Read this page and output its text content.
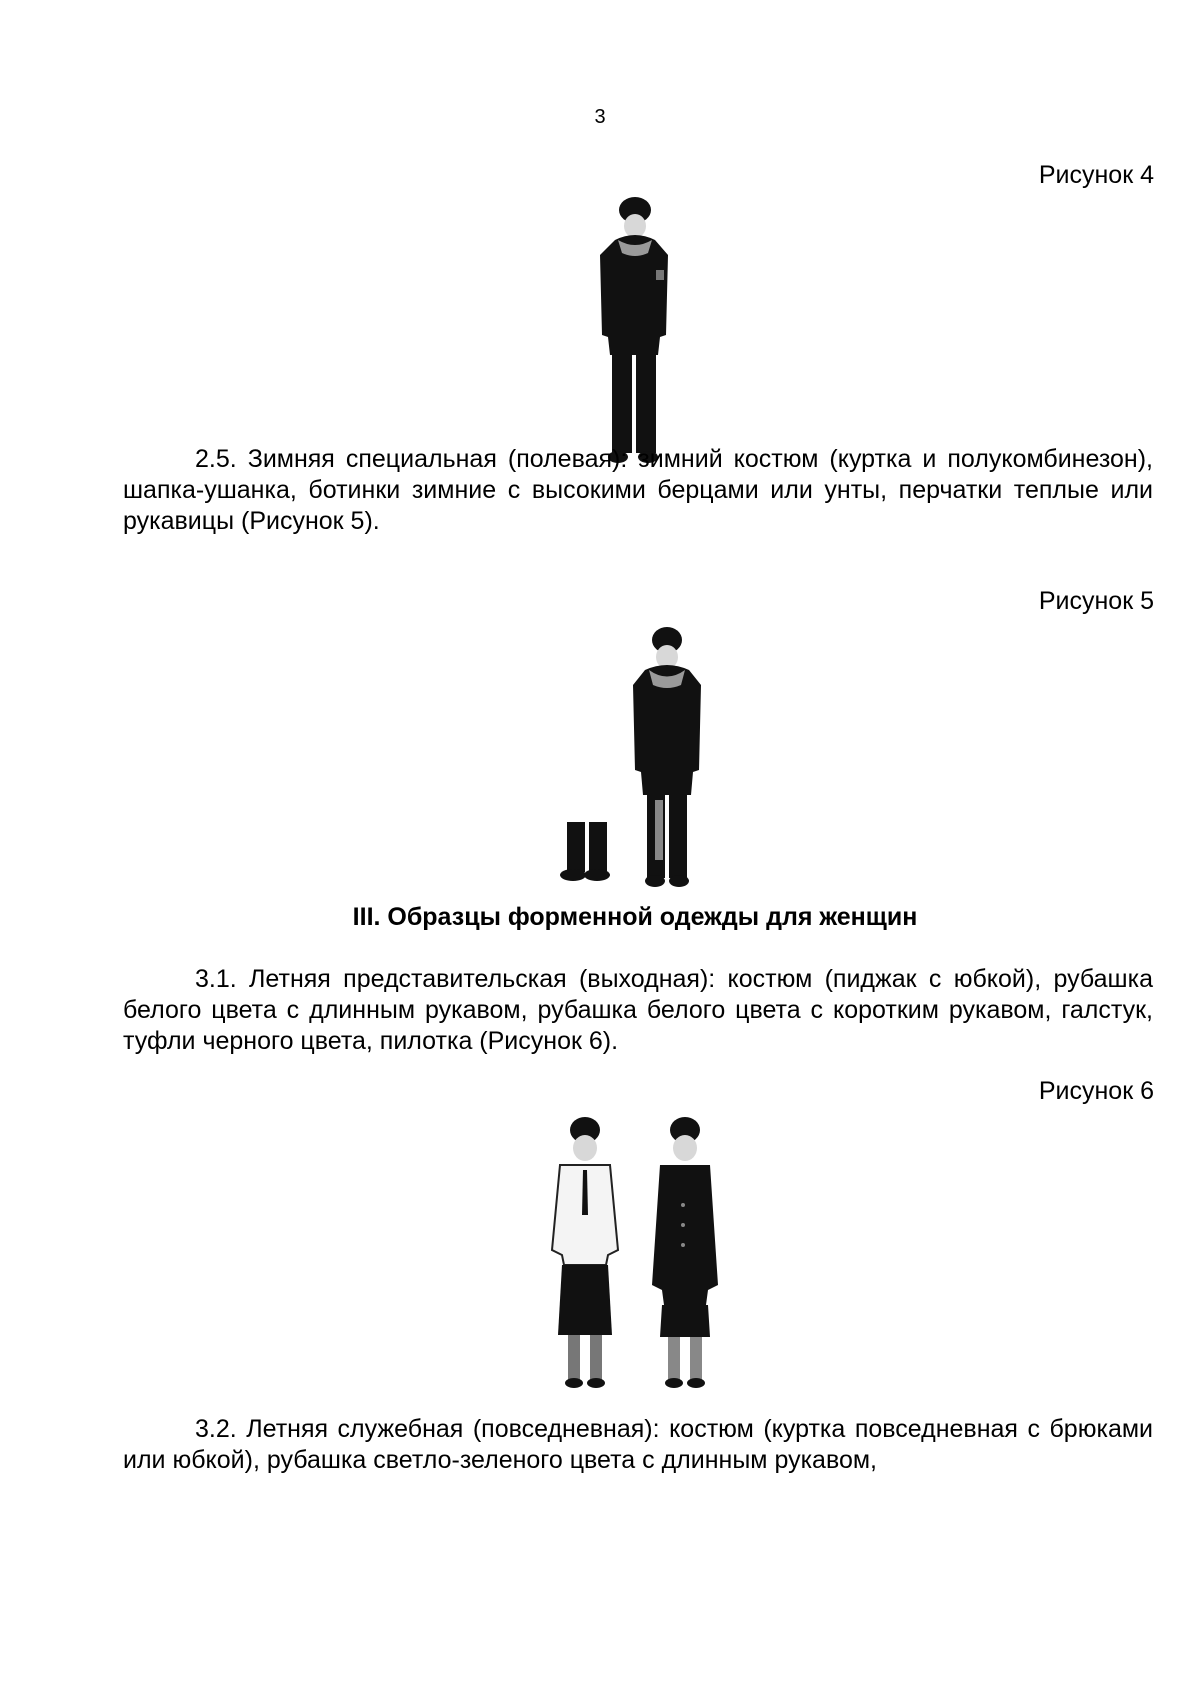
3
Рисунок 4
2.5. Зимняя специальная (полевая): зимний костюм (куртка и полукомбинезон), шапка-ушанка, ботинки зимние с высокими берцами или унты, перчатки теплые или рукавицы (Рисунок 5).
Рисунок 5
III. Образцы форменной одежды для женщин
3.1. Летняя представительская (выходная): костюм (пиджак с юбкой), рубашка белого цвета с длинным рукавом, рубашка белого цвета с коротким рукавом, галстук, туфли черного цвета, пилотка (Рисунок 6).
Рисунок 6
3.2. Летняя служебная (повседневная): костюм (куртка повседневная с брюками или юбкой), рубашка светло-зеленого цвета с длинным рукавом,
